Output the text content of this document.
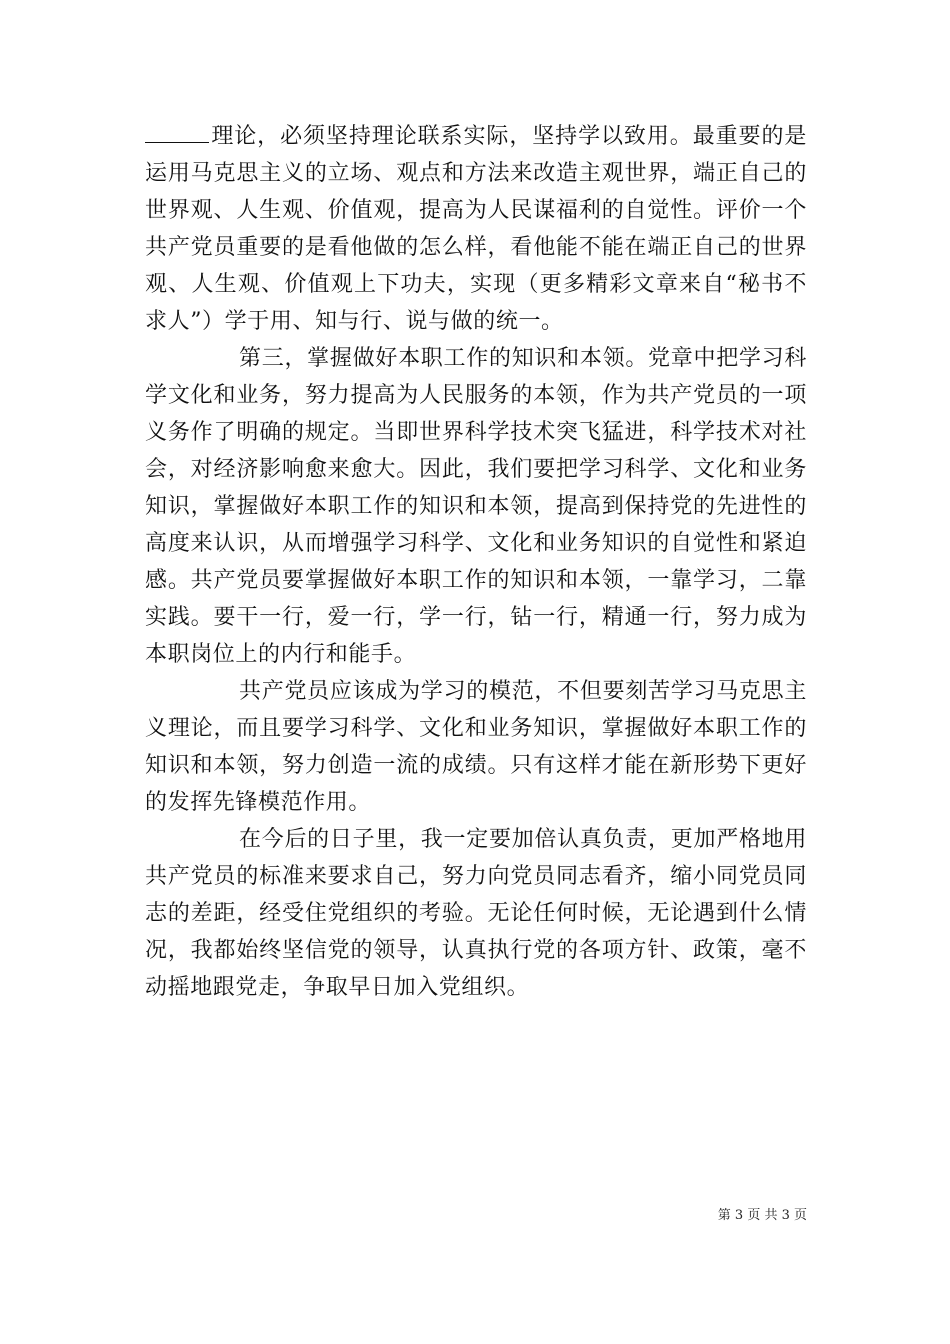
理论，必须坚持理论联系实际，坚持学以致用。最重要的是运用马克思主义的立场、观点和方法来改造主观世界，端正自己的世界观、人生观、价值观，提高为人民谋福利的自觉性。评价一个共产党员重要的是看他做的怎么样，看他能不能在端正自己的世界观、人生观、价值观上下功夫，实现（更多精彩文章来自“秘书不求人”）学于用、知与行、说与做的统一。

第三，掌握做好本职工作的知识和本领。党章中把学习科学文化和业务，努力提高为人民服务的本领，作为共产党员的一项义务作了明确的规定。当即世界科学技术突飞猛进，科学技术对社会，对经济影响愈来愈大。因此，我们要把学习科学、文化和业务知识，掌握做好本职工作的知识和本领，提高到保持党的先进性的高度来认识，从而增强学习科学、文化和业务知识的自觉性和紧迫感。共产党员要掌握做好本职工作的知识和本领，一靠学习，二靠实践。要干一行，爱一行，学一行，钻一行，精通一行，努力成为本职岗位上的内行和能手。

共产党员应该成为学习的模范，不但要刻苦学习马克思主义理论，而且要学习科学、文化和业务知识，掌握做好本职工作的知识和本领，努力创造一流的成绩。只有这样才能在新形势下更好的发挥先锋模范作用。

在今后的日子里，我一定要加倍认真负责，更加严格地用共产党员的标准来要求自己，努力向党员同志看齐，缩小同党员同志的差距，经受住党组织的考验。无论任何时候，无论遇到什么情况，我都始终坚信党的领导，认真执行党的各项方针、政策，毫不动摇地跟党走，争取早日加入党组织。

第 3 页 共 3 页
